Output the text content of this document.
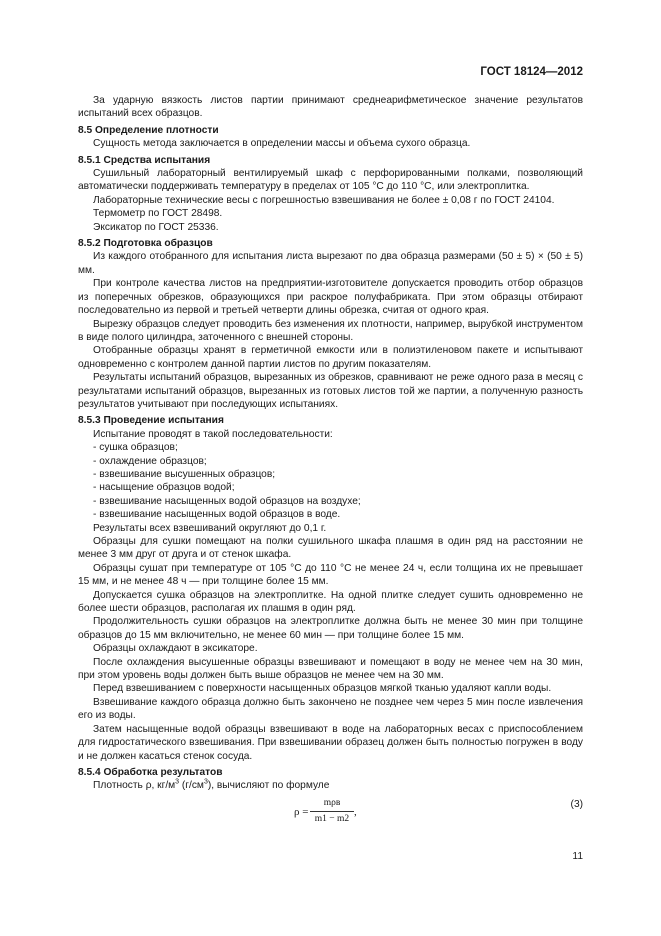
ГОСТ 18124—2012

За ударную вязкость листов партии принимают среднеарифметическое значение результатов испытаний всех образцов.

8.5 Определение плотности

Сущность метода заключается в определении массы и объема сухого образца.

8.5.1 Средства испытания

Сушильный лабораторный вентилируемый шкаф с перфорированными полками, позволяющий автоматически поддерживать температуру в пределах от 105 °С до 110 °С, или электроплитка.

Лабораторные технические весы с погрешностью взвешивания не более ± 0,08 г по ГОСТ 24104.

Термометр по ГОСТ 28498.

Эксикатор по ГОСТ 25336.

8.5.2 Подготовка образцов

Из каждого отобранного для испытания листа вырезают по два образца размерами (50 ± 5) × (50 ± 5) мм.

При контроле качества листов на предприятии-изготовителе допускается проводить отбор образцов из поперечных обрезков, образующихся при раскрое полуфабриката. При этом образцы отбирают последовательно из первой и третьей четверти длины обрезка, считая от одного края.

Вырезку образцов следует проводить без изменения их плотности, например, вырубкой инструментом в виде полого цилиндра, заточенного с внешней стороны.

Отобранные образцы хранят в герметичной емкости или в полиэтиленовом пакете и испытывают одновременно с контролем данной партии листов по другим показателям.

Результаты испытаний образцов, вырезанных из обрезков, сравнивают не реже одного раза в месяц с результатами испытаний образцов, вырезанных из готовых листов той же партии, а полученную разность результатов учитывают при последующих испытаниях.

8.5.3 Проведение испытания

Испытание проводят в такой последовательности:

- сушка образцов;

- охлаждение образцов;

- взвешивание высушенных образцов;

- насыщение образцов водой;

- взвешивание насыщенных водой образцов на воздухе;

- взвешивание насыщенных водой образцов в воде.

Результаты всех взвешиваний округляют до 0,1 г.

Образцы для сушки помещают на полки сушильного шкафа плашмя в один ряд на расстоянии не менее 3 мм друг от друга и от стенок шкафа.

Образцы сушат при температуре от 105 °С до 110 °С не менее 24 ч, если толщина их не превышает 15 мм, и не менее 48 ч — при толщине более 15 мм.

Допускается сушка образцов на электроплитке. На одной плитке следует сушить одновременно не более шести образцов, располагая их плашмя в один ряд.

Продолжительность сушки образцов на электроплитке должна быть не менее 30 мин при толщине образцов до 15 мм включительно, не менее 60 мин — при толщине более 15 мм.

Образцы охлаждают в эксикаторе.

После охлаждения высушенные образцы взвешивают и помещают в воду не менее чем на 30 мин, при этом уровень воды должен быть выше образцов не менее чем на 30 мм.

Перед взвешиванием с поверхности насыщенных образцов мягкой тканью удаляют капли воды.

Взвешивание каждого образца должно быть закончено не позднее чем через 5 мин после извлечения его из воды.

Затем насыщенные водой образцы взвешивают в воде на лабораторных весах с приспособлением для гидростатического взвешивания. При взвешивании образец должен быть полностью погружен в воду и не должен касаться стенок сосуда.

8.5.4 Обработка результатов

Плотность ρ, $кг/м^3$ $(г/см^3)$, вычисляют по формуле

ρ =
mρв
m1 − m2
,
(3)
11
